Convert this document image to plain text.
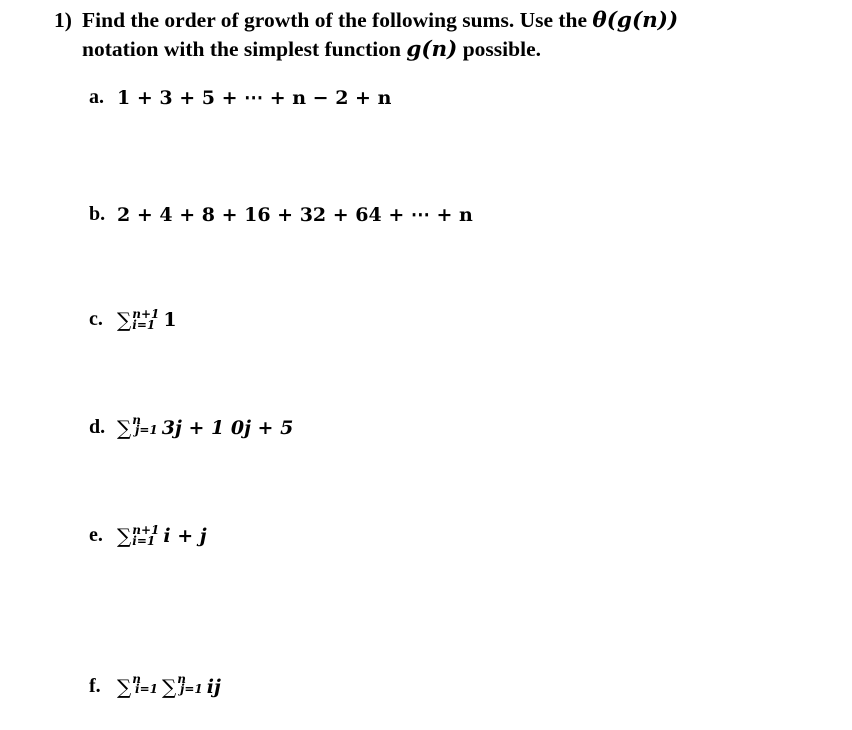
1) Find the order of growth of the following sums. Use the θ(g(n))
notation with the simplest function g(n) possible.
a. 1 + 3 + 5 + ⋯ + n − 2 + n
b. 2 + 4 + 8 + 16 + 32 + 64 + ⋯ + n
c. ∑ n+1
i=1 1
d. ∑ n
j=1 3j + 1 0j + 5
e. ∑ n+1
i=1 i + j
f. ∑ n
i=1 ∑ n
j=1 ij
